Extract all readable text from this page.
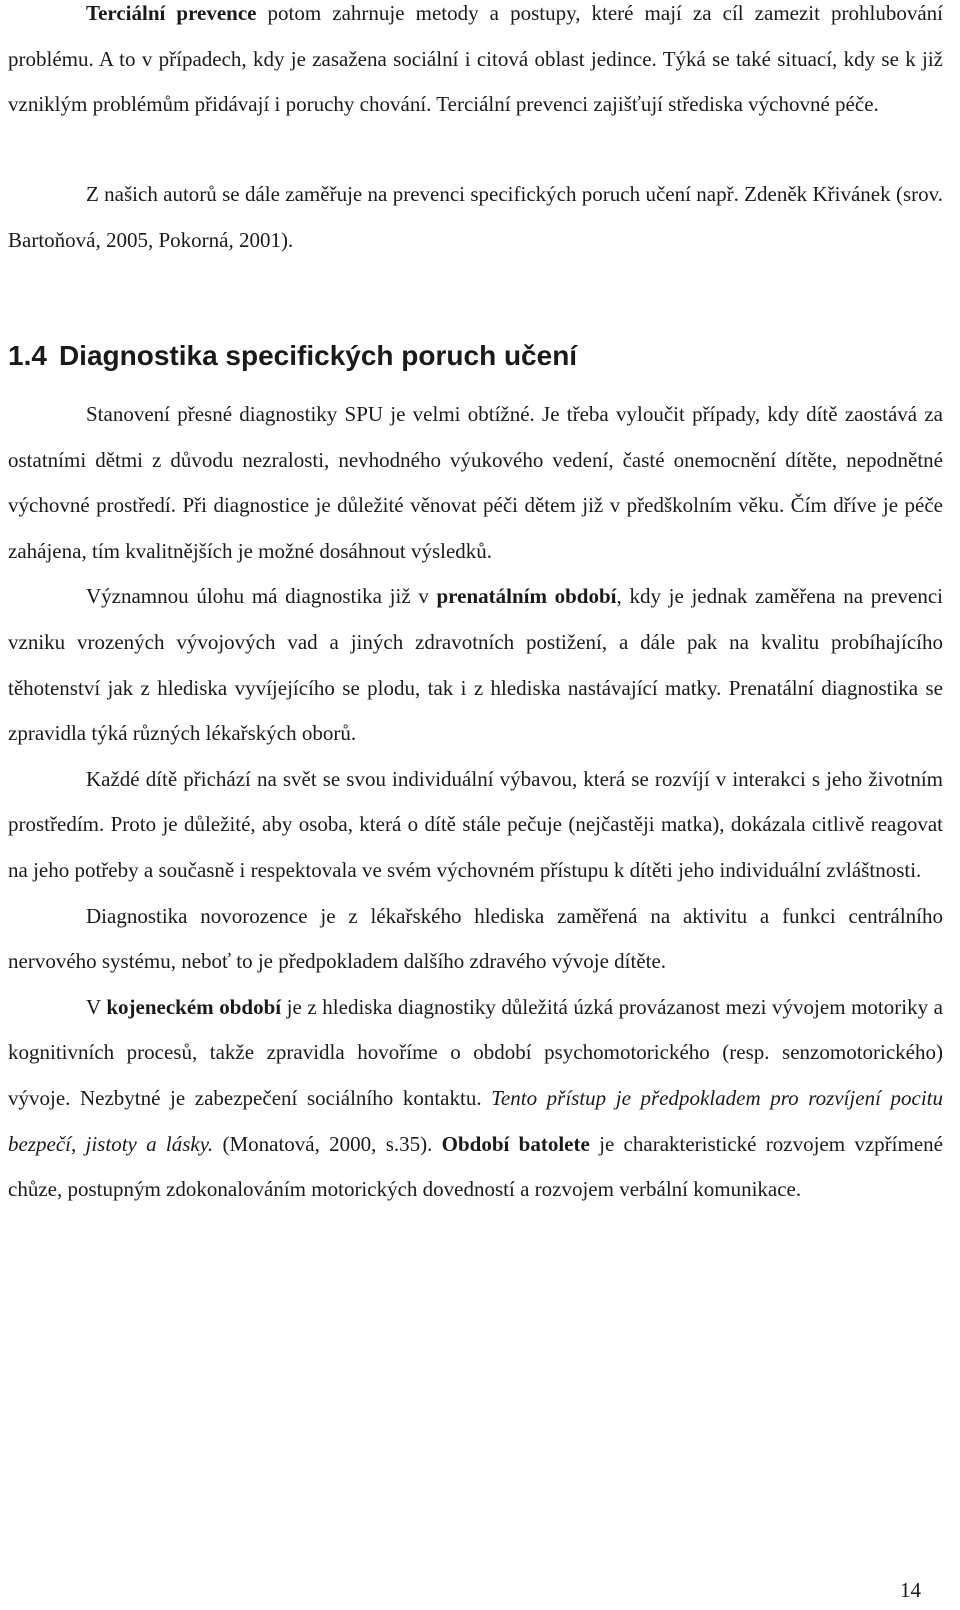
Terciální prevence potom zahrnuje metody a postupy, které mají za cíl zamezit prohlubování problému. A to v případech, kdy je zasažena sociální i citová oblast jedince. Týká se také situací, kdy se k již vzniklým problémům přidávají i poruchy chování. Terciální prevenci zajišťují střediska výchovné péče.

Z našich autorů se dále zaměřuje na prevenci specifických poruch učení např. Zdeněk Křivánek (srov. Bartoňová, 2005, Pokorná, 2001).

1.4 Diagnostika specifických poruch učení

Stanovení přesné diagnostiky SPU je velmi obtížné. Je třeba vyloučit případy, kdy dítě zaostává za ostatními dětmi z důvodu nezralosti, nevhodného výukového vedení, časté onemocnění dítěte, nepodnětné výchovné prostředí. Při diagnostice je důležité věnovat péči dětem již v předškolním věku. Čím dříve je péče zahájena, tím kvalitnějších je možné dosáhnout výsledků.

Významnou úlohu má diagnostika již v prenatálním období, kdy je jednak zaměřena na prevenci vzniku vrozených vývojových vad a jiných zdravotních postižení, a dále pak na kvalitu probíhajícího těhotenství jak z hlediska vyvíjejícího se plodu, tak i z hlediska nastávající matky. Prenatální diagnostika se zpravidla týká různých lékařských oborů.

Každé dítě přichází na svět se svou individuální výbavou, která se rozvíjí v interakci s jeho životním prostředím. Proto je důležité, aby osoba, která o dítě stále pečuje (nejčastěji matka), dokázala citlivě reagovat na jeho potřeby a současně i respektovala ve svém výchovném přístupu k dítěti jeho individuální zvláštnosti.

Diagnostika novorozence je z lékařského hlediska zaměřená na aktivitu a funkci centrálního nervového systému, neboť to je předpokladem dalšího zdravého vývoje dítěte.

V kojeneckém období je z hlediska diagnostiky důležitá úzká provázanost mezi vývojem motoriky a kognitivních procesů, takže zpravidla hovoříme o období psychomotorického (resp. senzomotorického) vývoje. Nezbytné je zabezpečení sociálního kontaktu. Tento přístup je předpokladem pro rozvíjení pocitu bezpečí, jistoty a lásky. (Monatová, 2000, s.35). Období batolete je charakteristické rozvojem vzpřímené chůze, postupným zdokonalováním motorických dovedností a rozvojem verbální komunikace.

14
